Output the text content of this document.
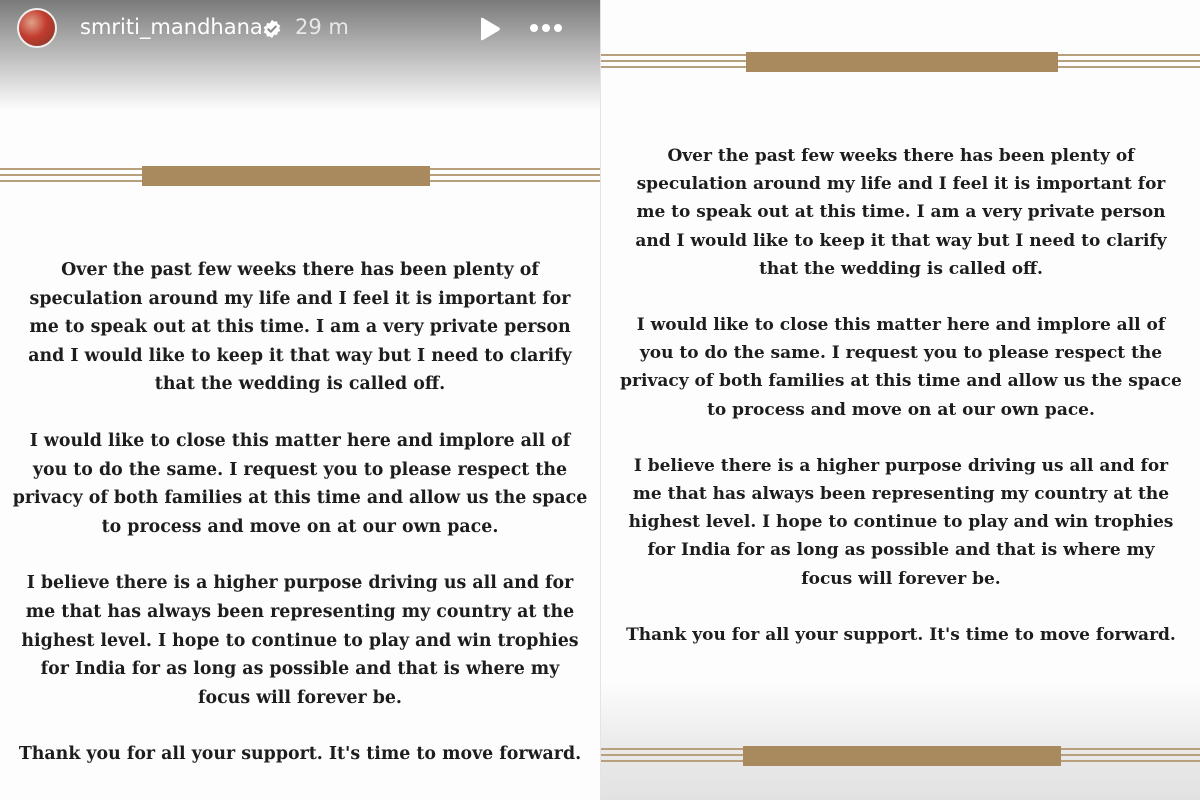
smriti_mandhana 29 m

Over the past few weeks there has been plenty of
speculation around my life and I feel it is important for
me to speak out at this time. I am a very private person
and I would like to keep it that way but I need to clarify
that the wedding is called off.

I would like to close this matter here and implore all of
you to do the same. I request you to please respect the
privacy of both families at this time and allow us the space
to process and move on at our own pace.

I believe there is a higher purpose driving us all and for
me that has always been representing my country at the
highest level. I hope to continue to play and win trophies
for India for as long as possible and that is where my
focus will forever be.

Thank you for all your support. It's time to move forward.

Over the past few weeks there has been plenty of
speculation around my life and I feel it is important for
me to speak out at this time. I am a very private person
and I would like to keep it that way but I need to clarify
that the wedding is called off.

I would like to close this matter here and implore all of
you to do the same. I request you to please respect the
privacy of both families at this time and allow us the space
to process and move on at our own pace.

I believe there is a higher purpose driving us all and for
me that has always been representing my country at the
highest level. I hope to continue to play and win trophies
for India for as long as possible and that is where my
focus will forever be.

Thank you for all your support. It's time to move forward.
